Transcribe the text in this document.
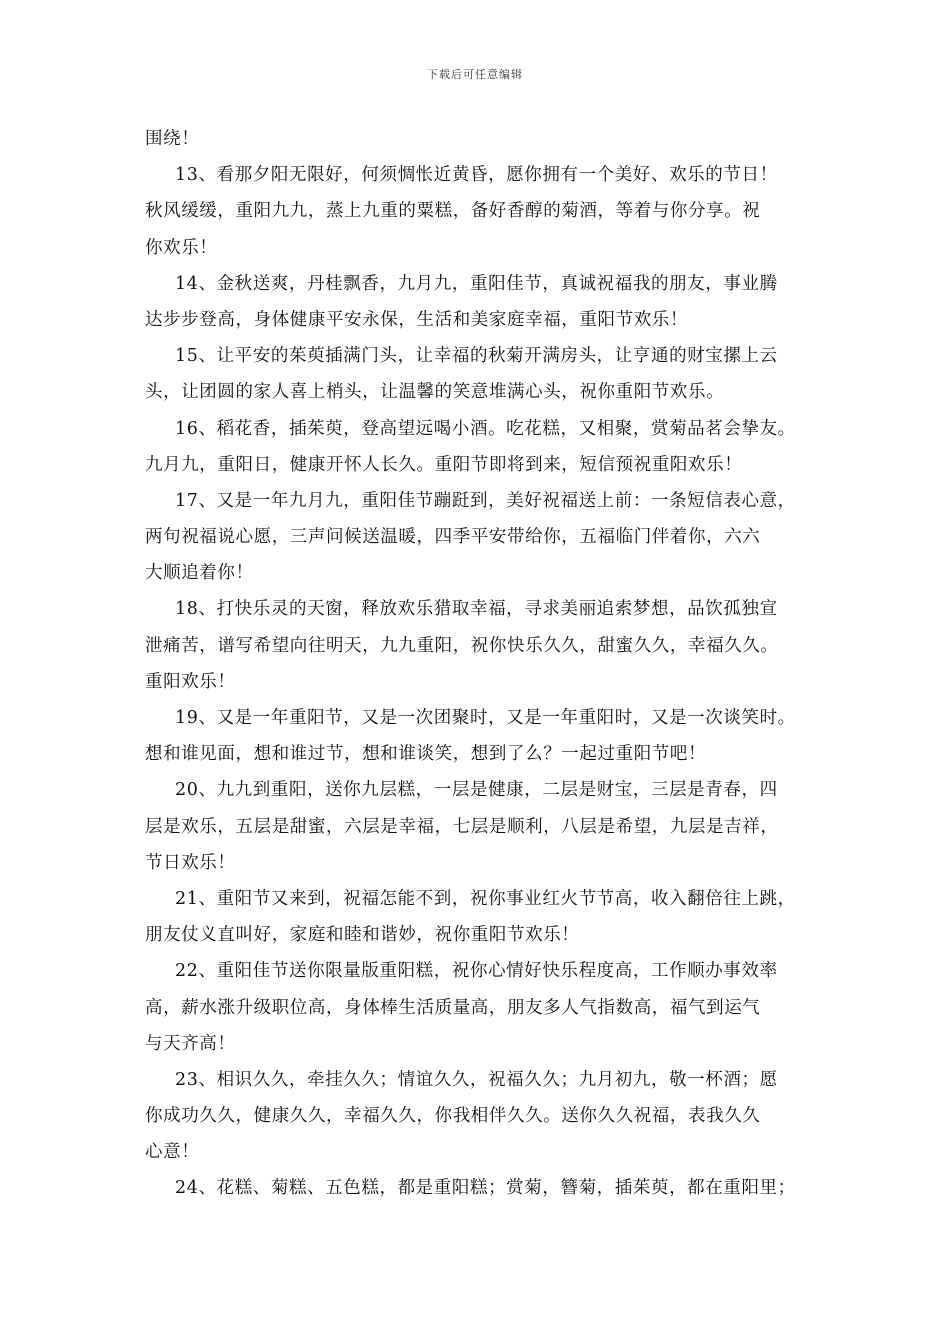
下载后可任意编辑
围绕！
13、看那夕阳无限好，何须惆怅近黄昏，愿你拥有一个美好、欢乐的节日！
秋风缓缓，重阳九九，蒸上九重的粟糕，备好香醇的菊酒，等着与你分享。祝
你欢乐！
14、金秋送爽，丹桂飘香，九月九，重阳佳节，真诚祝福我的朋友，事业腾
达步步登高，身体健康平安永保，生活和美家庭幸福，重阳节欢乐！
15、让平安的茱萸插满门头，让幸福的秋菊开满房头，让亨通的财宝摞上云
头，让团圆的家人喜上梢头，让温馨的笑意堆满心头，祝你重阳节欢乐。
16、稻花香，插茱萸，登高望远喝小酒。吃花糕，又相聚，赏菊品茗会挚友。
九月九，重阳日，健康开怀人长久。重阳节即将到来，短信预祝重阳欢乐！
17、又是一年九月九，重阳佳节蹦跹到，美好祝福送上前：一条短信表心意，
两句祝福说心愿，三声问候送温暖，四季平安带给你，五福临门伴着你，六六
大顺追着你！
18、打快乐灵的天窗，释放欢乐猎取幸福，寻求美丽追索梦想，品饮孤独宣
泄痛苦，谱写希望向往明天，九九重阳，祝你快乐久久，甜蜜久久，幸福久久。
重阳欢乐！
19、又是一年重阳节，又是一次团聚时，又是一年重阳时，又是一次谈笑时。
想和谁见面，想和谁过节，想和谁谈笑，想到了么？一起过重阳节吧！
20、九九到重阳，送你九层糕，一层是健康，二层是财宝，三层是青春，四
层是欢乐，五层是甜蜜，六层是幸福，七层是顺利，八层是希望，九层是吉祥，
节日欢乐！
21、重阳节又来到，祝福怎能不到，祝你事业红火节节高，收入翻倍往上跳，
朋友仗义直叫好，家庭和睦和谐妙，祝你重阳节欢乐！
22、重阳佳节送你限量版重阳糕，祝你心情好快乐程度高，工作顺办事效率
高，薪水涨升级职位高，身体棒生活质量高，朋友多人气指数高，福气到运气
与天齐高！
23、相识久久，牵挂久久；情谊久久，祝福久久；九月初九，敬一杯酒；愿
你成功久久，健康久久，幸福久久，你我相伴久久。送你久久祝福，表我久久
心意！
24、花糕、菊糕、五色糕，都是重阳糕；赏菊，簪菊，插茱萸，都在重阳里；
